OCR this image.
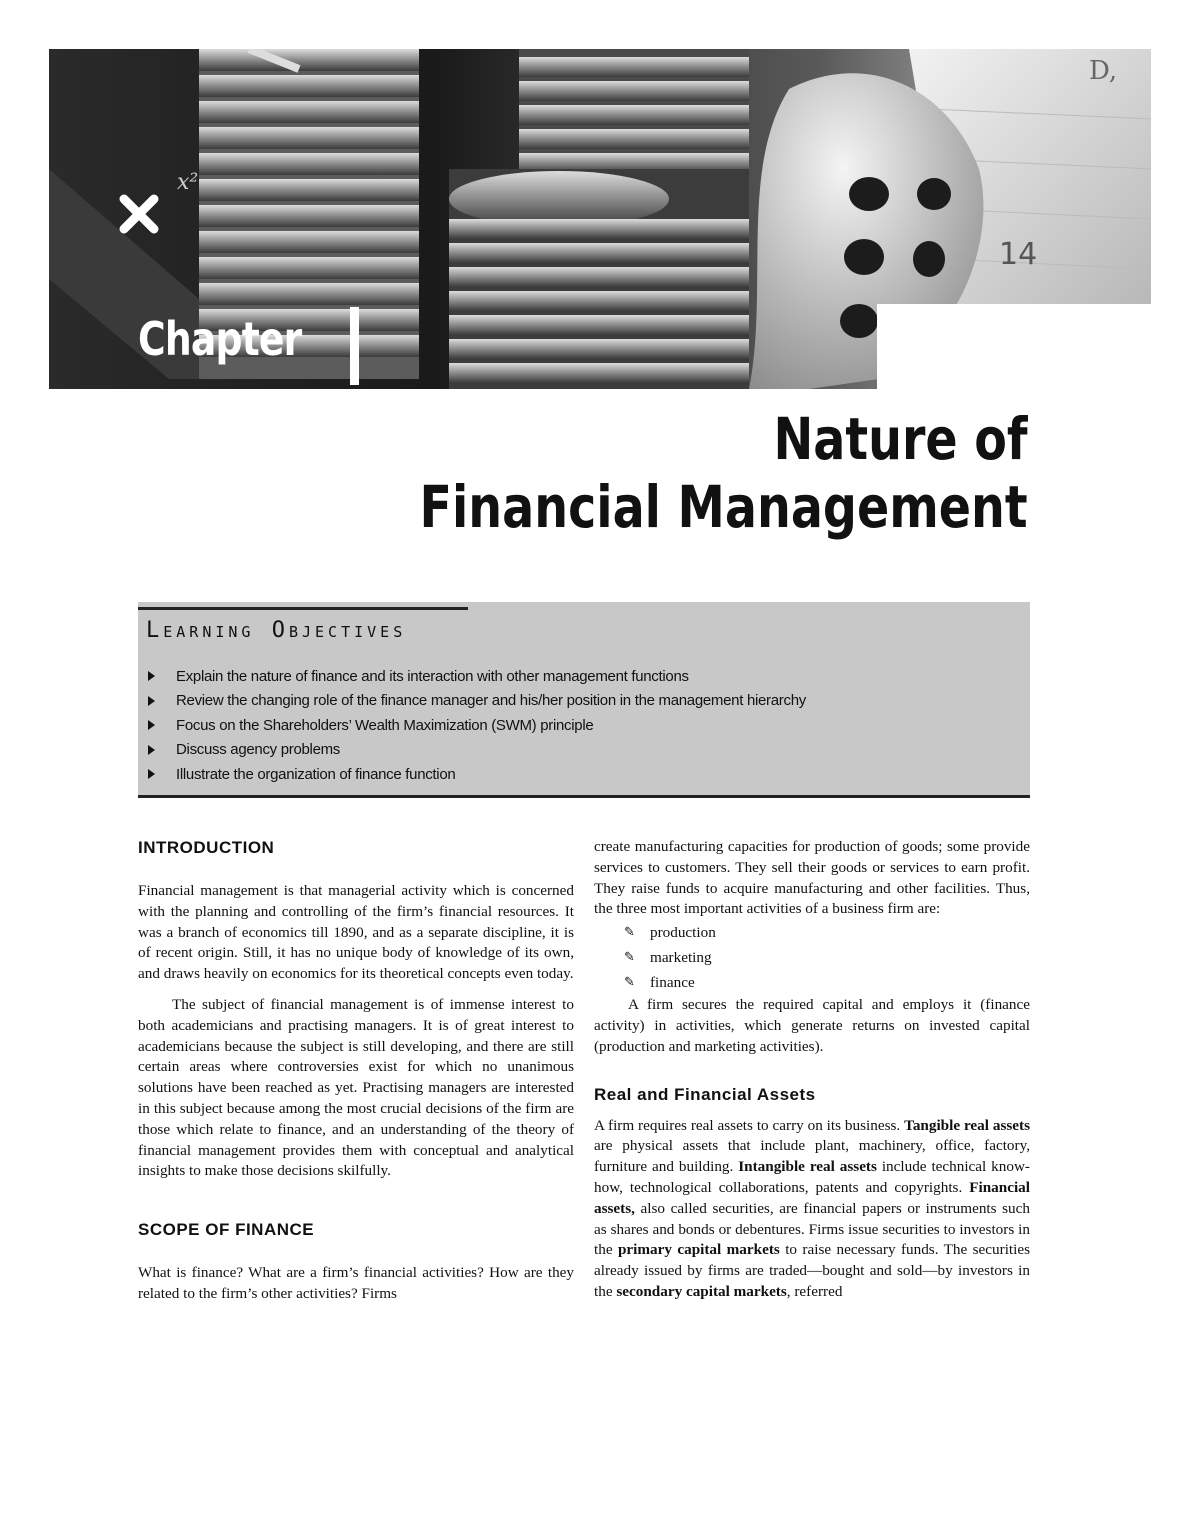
x²
D,
14
Chapter
Nature of
Financial Management
Learning Objectives
Explain the nature of finance and its interaction with other management functions
Review the changing role of the finance manager and his/her position in the management hierarchy
Focus on the Shareholders’ Wealth Maximization (SWM) principle
Discuss agency problems
Illustrate the organization of finance function
INTRODUCTION

Financial management is that managerial activity which is concerned with the planning and controlling of the firm’s financial resources. It was a branch of economics till 1890, and as a separate discipline, it is of recent origin. Still, it has no unique body of knowledge of its own, and draws heavily on economics for its theoretical concepts even today.

The subject of financial management is of immense interest to both academicians and practising managers. It is of great interest to academicians because the subject is still developing, and there are still certain areas where controversies exist for which no unanimous solutions have been reached as yet. Practising managers are interested in this subject because among the most crucial decisions of the firm are those which relate to finance, and an understanding of the theory of financial management provides them with conceptual and analytical insights to make those decisions skilfully.

SCOPE OF FINANCE

What is finance? What are a firm’s financial activities? How are they related to the firm’s other activities? Firms

create manufacturing capacities for production of goods; some provide services to customers. They sell their goods or services to earn profit. They raise funds to acquire manufacturing and other facilities. Thus, the three most important activities of a business firm are:

✎ production
✎ marketing
✎ finance

A firm secures the required capital and employs it (finance activity) in activities, which generate returns on invested capital (production and marketing activities).

Real and Financial Assets

A firm requires real assets to carry on its business. Tangible real assets are physical assets that include plant, machinery, office, factory, furniture and building. Intangible real assets include technical know-how, technological collaborations, patents and copyrights. Financial assets, also called securities, are financial papers or instruments such as shares and bonds or debentures. Firms issue securities to investors in the primary capital markets to raise necessary funds. The securities already issued by firms are traded—bought and sold—by investors in the secondary capital markets, referred
